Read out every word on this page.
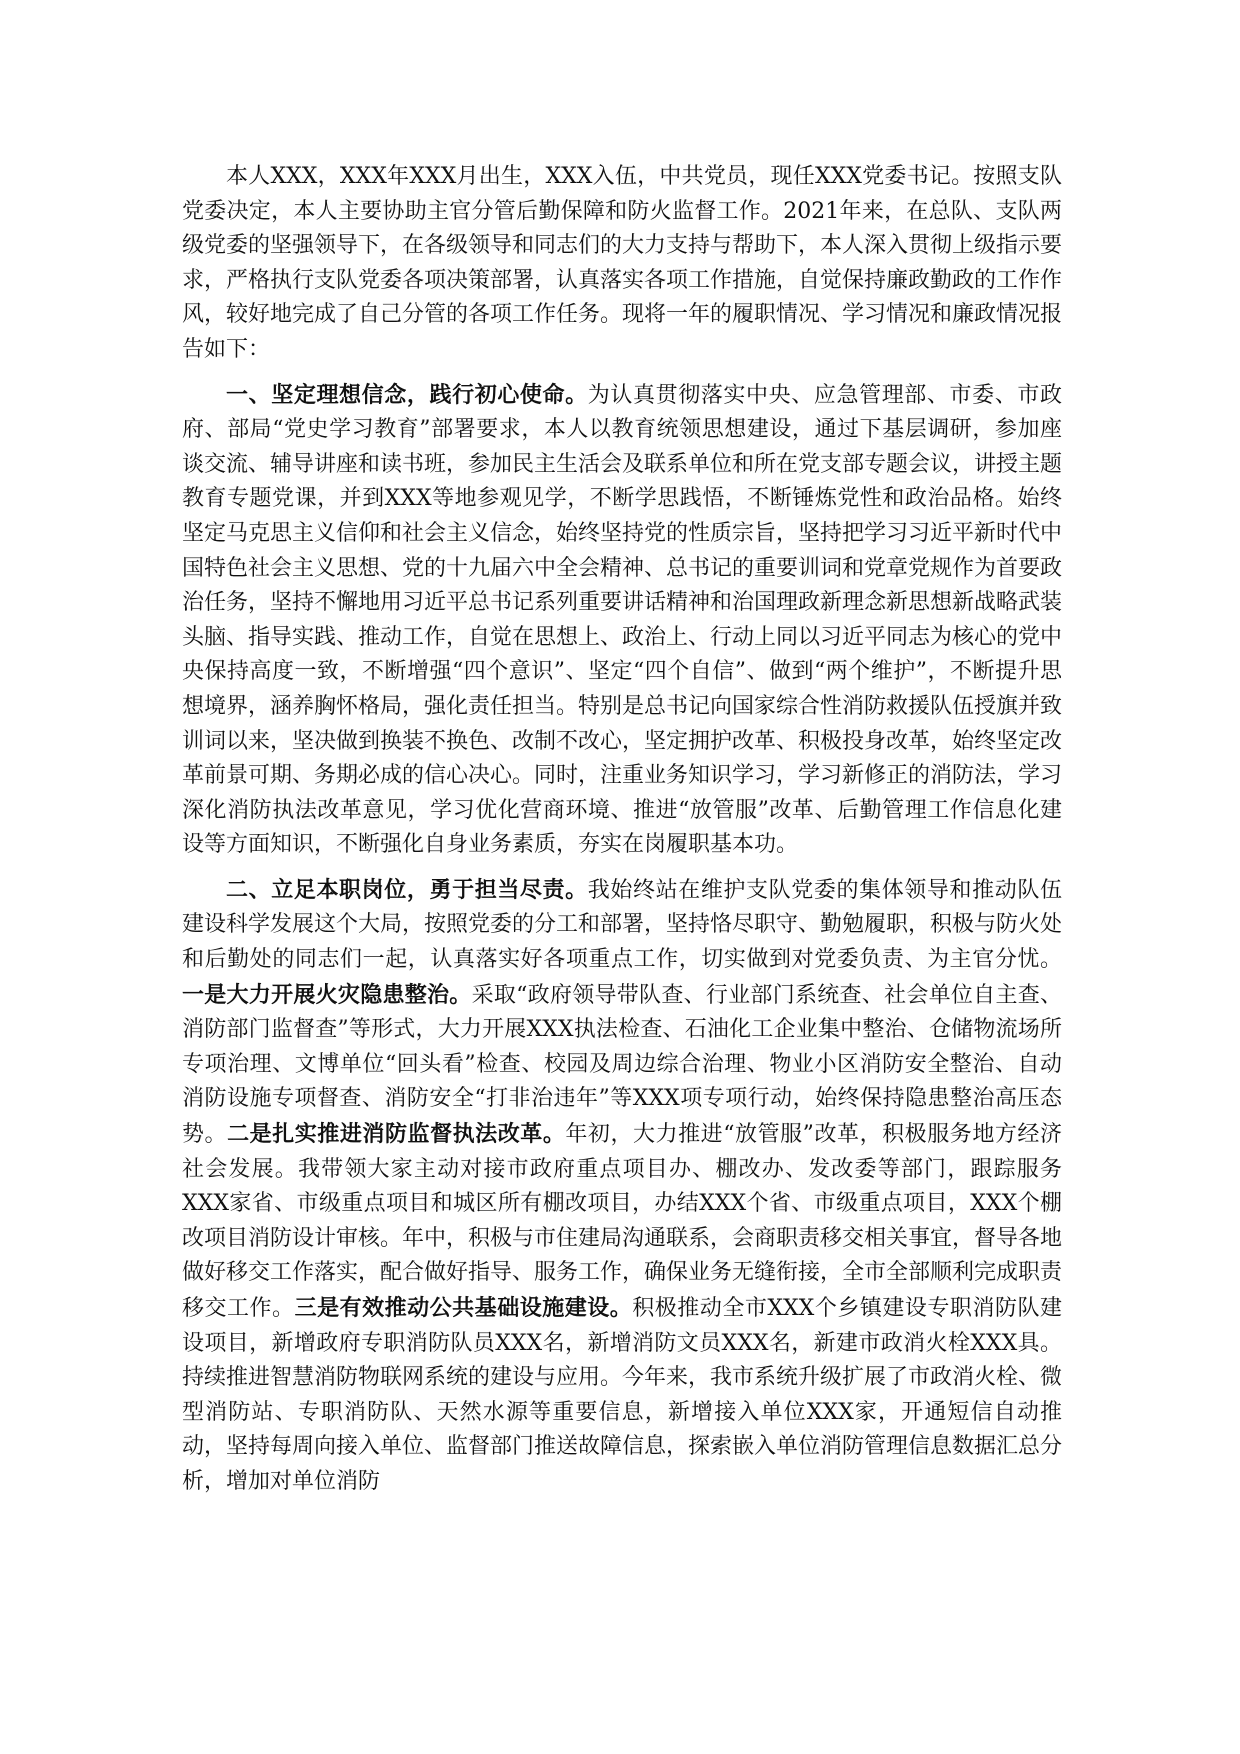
本人XXX，XXX年XXX月出生，XXX入伍，中共党员，现任XXX党委书记。按照支队党委决定，本人主要协助主官分管后勤保障和防火监督工作。2021年来，在总队、支队两级党委的坚强领导下，在各级领导和同志们的大力支持与帮助下，本人深入贯彻上级指示要求，严格执行支队党委各项决策部署，认真落实各项工作措施，自觉保持廉政勤政的工作作风，较好地完成了自己分管的各项工作任务。现将一年的履职情况、学习情况和廉政情况报告如下：

一、坚定理想信念，践行初心使命。为认真贯彻落实中央、应急管理部、市委、市政府、部局“党史学习教育”部署要求，本人以教育统领思想建设，通过下基层调研，参加座谈交流、辅导讲座和读书班，参加民主生活会及联系单位和所在党支部专题会议，讲授主题教育专题党课，并到XXX等地参观见学，不断学思践悟，不断锤炼党性和政治品格。始终坚定马克思主义信仰和社会主义信念，始终坚持党的性质宗旨，坚持把学习习近平新时代中国特色社会主义思想、党的十九届六中全会精神、总书记的重要训词和党章党规作为首要政治任务，坚持不懈地用习近平总书记系列重要讲话精神和治国理政新理念新思想新战略武装头脑、指导实践、推动工作，自觉在思想上、政治上、行动上同以习近平同志为核心的党中央保持高度一致，不断增强“四个意识”、坚定“四个自信”、做到“两个维护”，不断提升思想境界，涵养胸怀格局，强化责任担当。特别是总书记向国家综合性消防救援队伍授旗并致训词以来，坚决做到换装不换色、改制不改心，坚定拥护改革、积极投身改革，始终坚定改革前景可期、务期必成的信心决心。同时，注重业务知识学习，学习新修正的消防法，学习深化消防执法改革意见，学习优化营商环境、推进“放管服”改革、后勤管理工作信息化建设等方面知识，不断强化自身业务素质，夯实在岗履职基本功。

二、立足本职岗位，勇于担当尽责。我始终站在维护支队党委的集体领导和推动队伍建设科学发展这个大局，按照党委的分工和部署，坚持恪尽职守、勤勉履职，积极与防火处和后勤处的同志们一起，认真落实好各项重点工作，切实做到对党委负责、为主官分忧。一是大力开展火灾隐患整治。采取“政府领导带队查、行业部门系统查、社会单位自主查、消防部门监督查”等形式，大力开展XXX执法检查、石油化工企业集中整治、仓储物流场所专项治理、文博单位“回头看”检查、校园及周边综合治理、物业小区消防安全整治、自动消防设施专项督查、消防安全“打非治违年”等XXX项专项行动，始终保持隐患整治高压态势。二是扎实推进消防监督执法改革。年初，大力推进“放管服”改革，积极服务地方经济社会发展。我带领大家主动对接市政府重点项目办、棚改办、发改委等部门，跟踪服务XXX家省、市级重点项目和城区所有棚改项目，办结XXX个省、市级重点项目，XXX个棚改项目消防设计审核。年中，积极与市住建局沟通联系，会商职责移交相关事宜，督导各地做好移交工作落实，配合做好指导、服务工作，确保业务无缝衔接，全市全部顺利完成职责移交工作。三是有效推动公共基础设施建设。积极推动全市XXX个乡镇建设专职消防队建设项目，新增政府专职消防队员XXX名，新增消防文员XXX名，新建市政消火栓XXX具。持续推进智慧消防物联网系统的建设与应用。今年来，我市系统升级扩展了市政消火栓、微型消防站、专职消防队、天然水源等重要信息，新增接入单位XXX家，开通短信自动推动，坚持每周向接入单位、监督部门推送故障信息，探索嵌入单位消防管理信息数据汇总分析，增加对单位消防
